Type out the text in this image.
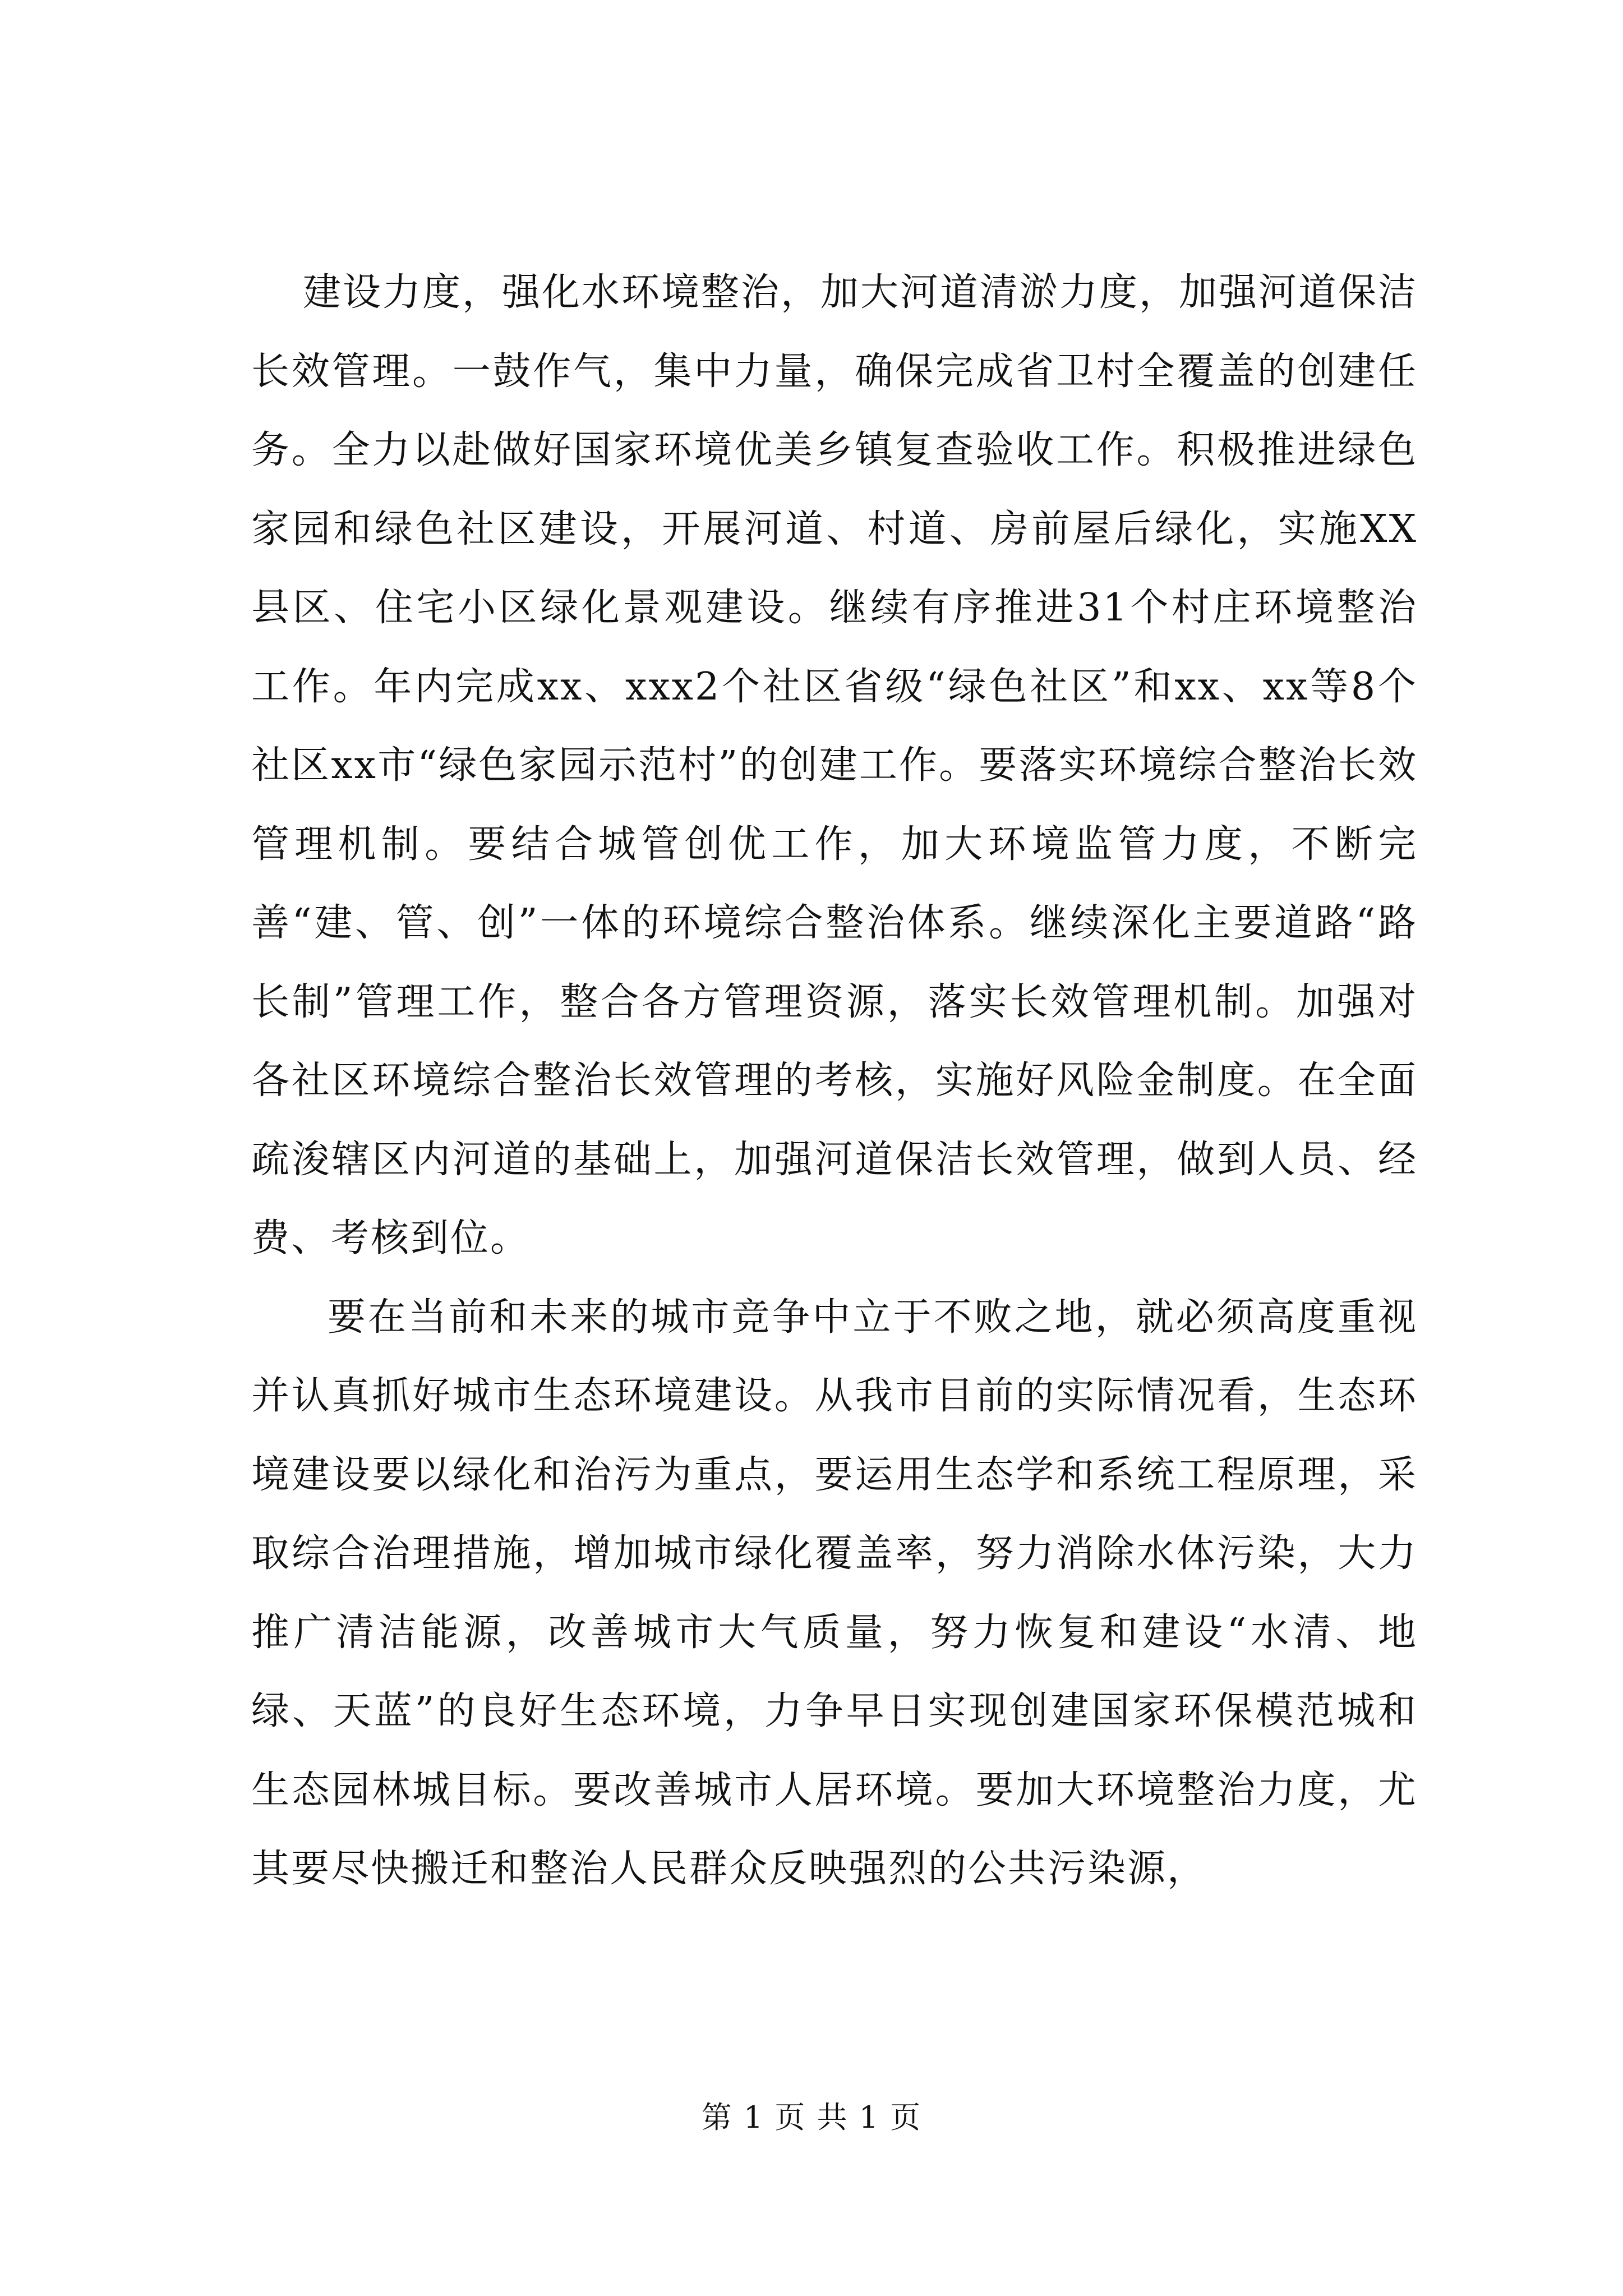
建设力度，强化水环境整治，加大河道清淤力度，加强河道保洁长效管理。一鼓作气，集中力量，确保完成省卫村全覆盖的创建任务。全力以赴做好国家环境优美乡镇复查验收工作。积极推进绿色家园和绿色社区建设，开展河道、村道、房前屋后绿化，实施XX县区、住宅小区绿化景观建设。继续有序推进31个村庄环境整治工作。年内完成xx、xxx2个社区省级“绿色社区”和xx、xx等8个社区xx市“绿色家园示范村”的创建工作。要落实环境综合整治长效管理机制。要结合城管创优工作，加大环境监管力度，不断完善“建、管、创”一体的环境综合整治体系。继续深化主要道路“路长制”管理工作，整合各方管理资源，落实长效管理机制。加强对各社区环境综合整治长效管理的考核，实施好风险金制度。在全面疏浚辖区内河道的基础上，加强河道保洁长效管理，做到人员、经费、考核到位。

要在当前和未来的城市竞争中立于不败之地，就必须高度重视并认真抓好城市生态环境建设。从我市目前的实际情况看，生态环境建设要以绿化和治污为重点，要运用生态学和系统工程原理，采取综合治理措施，增加城市绿化覆盖率，努力消除水体污染，大力推广清洁能源，改善城市大气质量，努力恢复和建设“水清、地绿、天蓝”的良好生态环境，力争早日实现创建国家环保模范城和生态园林城目标。要改善城市人居环境。要加大环境整治力度，尤其要尽快搬迁和整治人民群众反映强烈的公共污染源，

第 1 页 共 1 页
